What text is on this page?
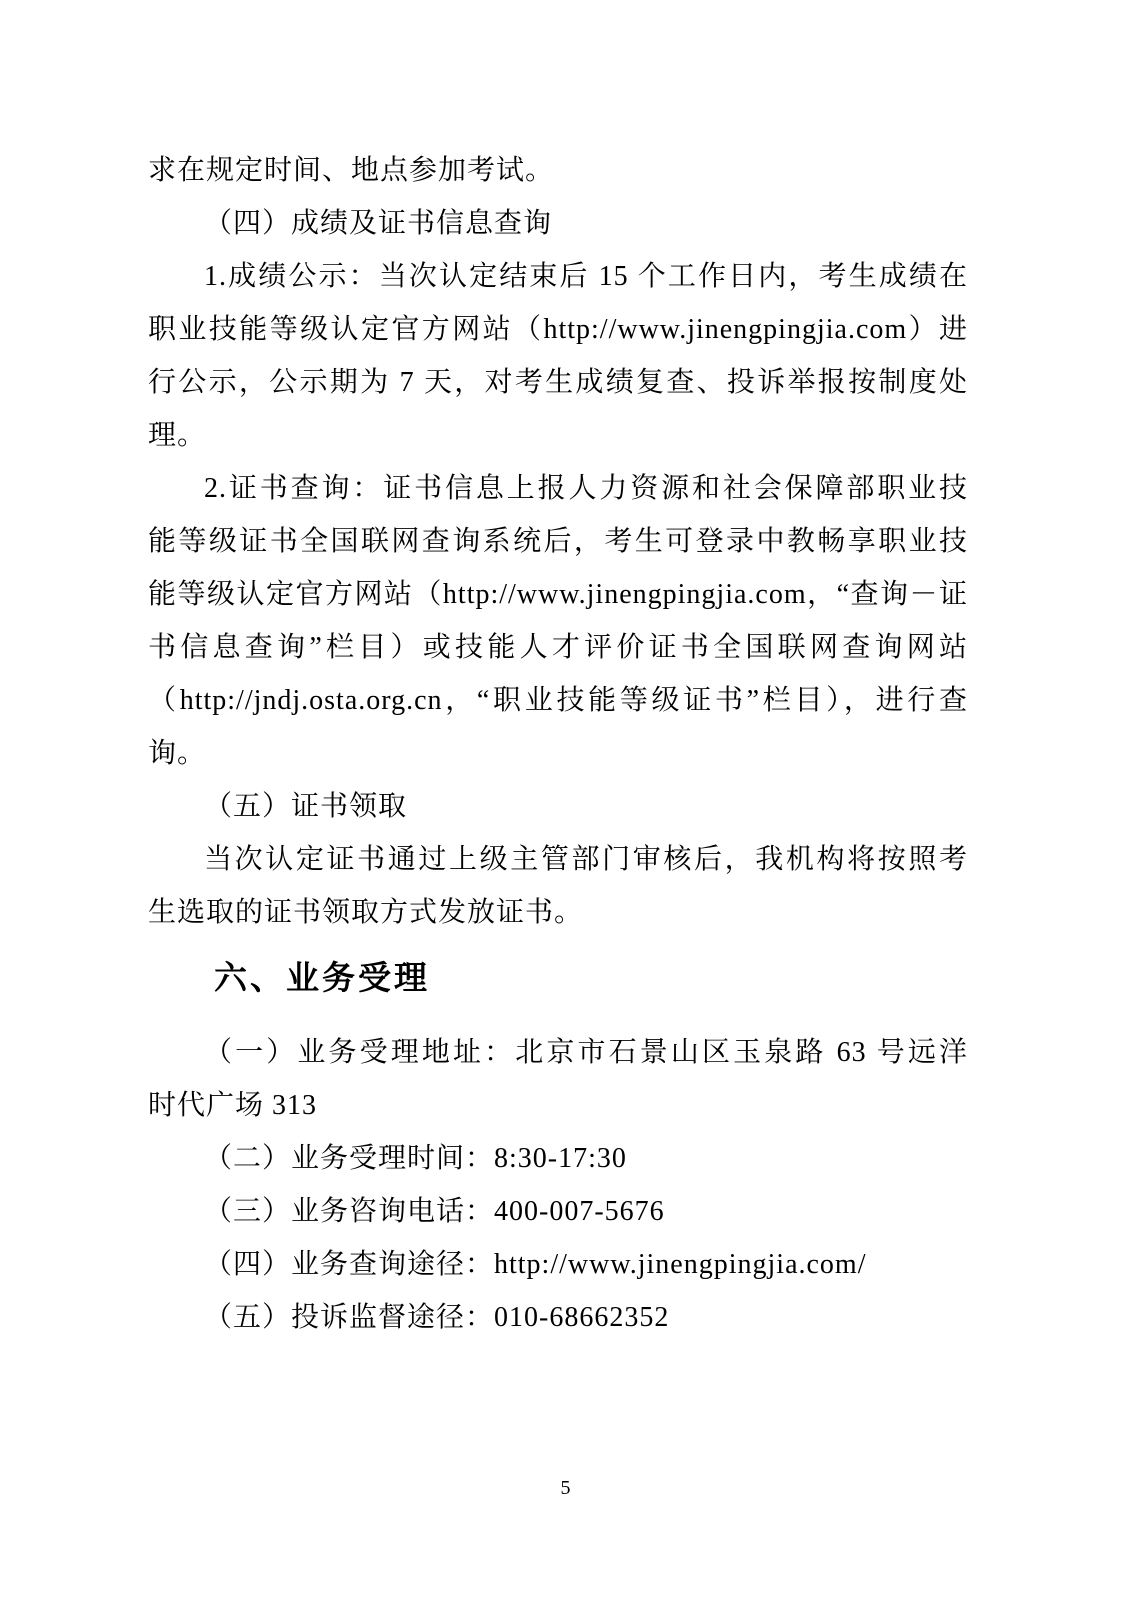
求在规定时间、地点参加考试。
（四）成绩及证书信息查询
1.成绩公示：当次认定结束后 15 个工作日内，考生成绩在
职业技能等级认定官方网站（http://www.jinengpingjia.com）进
行公示，公示期为 7 天，对考生成绩复查、投诉举报按制度处
理。
2.证书查询：证书信息上报人力资源和社会保障部职业技
能等级证书全国联网查询系统后，考生可登录中教畅享职业技
能等级认定官方网站（http://www.jinengpingjia.com，“查询－证
书信息查询”栏目）或技能人才评价证书全国联网查询网站
（http://jndj.osta.org.cn，“职业技能等级证书”栏目），进行查
询。
（五）证书领取
当次认定证书通过上级主管部门审核后，我机构将按照考
生选取的证书领取方式发放证书。
六、业务受理
（一）业务受理地址：北京市石景山区玉泉路 63 号远洋
时代广场 313
（二）业务受理时间：8:30-17:30
（三）业务咨询电话：400-007-5676
（四）业务查询途径：http://www.jinengpingjia.com/
（五）投诉监督途径：010-68662352
5
